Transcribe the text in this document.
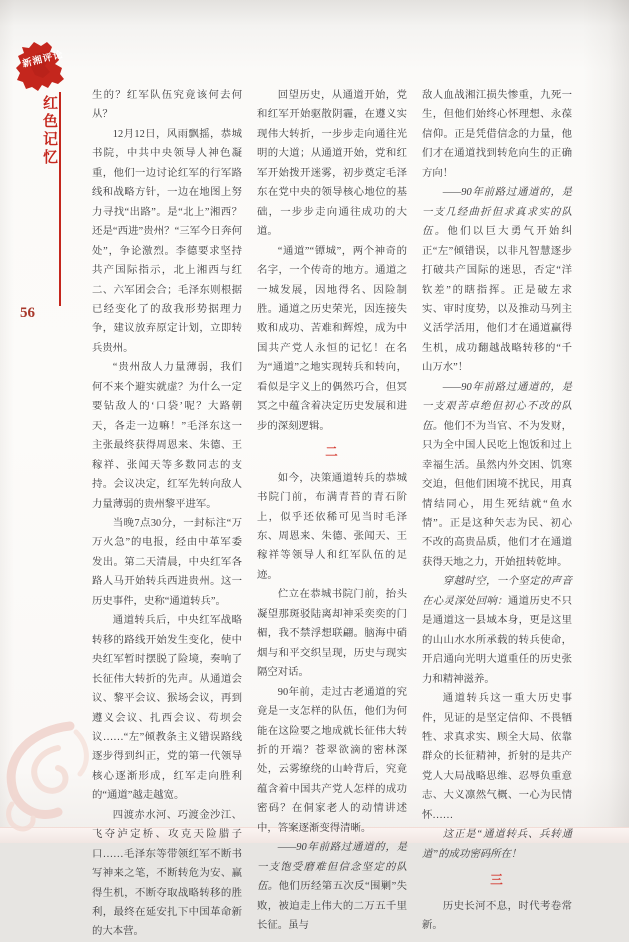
新湘评论
红色记忆
56

生的？红军队伍究竟该何去何从？

12月12日，风雨飘摇，恭城书院，中共中央领导人神色凝重，他们一边讨论红军的行军路线和战略方针，一边在地图上努力寻找“出路”。是“北上”湘西？还是“西进”贵州？“三军今日奔何处”，争论激烈。李德要求坚持共产国际指示，北上湘西与红二、六军团会合；毛泽东则根据已经变化了的敌我形势据理力争，建议放弃原定计划，立即转兵贵州。

“贵州敌人力量薄弱，我们何不来个避实就虚？为什么一定要钻敌人的‘口袋’呢？大路朝天，各走一边嘛！”毛泽东这一主张最终获得周恩来、朱德、王稼祥、张闻天等多数同志的支持。会议决定，红军先转向敌人力量薄弱的贵州黎平进军。

当晚7点30分，一封标注“万万火急”的电报，经由中革军委发出。第二天清晨，中央红军各路人马开始转兵西进贵州。这一历史事件，史称“通道转兵”。

通道转兵后，中央红军战略转移的路线开始发生变化，使中央红军暂时摆脱了险境，奏响了长征伟大转折的先声。从通道会议、黎平会议、猴场会议，再到遵义会议、扎西会议、苟坝会议……“左”倾教条主义错误路线逐步得到纠正，党的第一代领导核心逐渐形成，红军走向胜利的“通道”越走越宽。

四渡赤水河、巧渡金沙江、飞夺泸定桥、攻克天险腊子口……毛泽东等带领红军不断书写神来之笔，不断转危为安、赢得生机，不断夺取战略转移的胜利，最终在延安扎下中国革命新的大本营。

回望历史，从通道开始，党和红军开始驱散阴霾，在遵义实现伟大转折，一步步走向通往光明的大道；从通道开始，党和红军开始拨开迷雾，初步奠定毛泽东在党中央的领导核心地位的基础，一步步走向通往成功的大道。

“通道”“镡城”，两个神奇的名字，一个传奇的地方。通道之一城发展，因地得名、因险制胜。通道之历史荣光，因连接失败和成功、苦难和辉煌，成为中国共产党人永恒的记忆！在名为“通道”之地实现转兵和转向，看似是字义上的偶然巧合，但冥冥之中蕴含着决定历史发展和进步的深刻逻辑。

二

如今，决策通道转兵的恭城书院门前，布满青苔的青石阶上，似乎还依稀可见当时毛泽东、周恩来、朱德、张闻天、王稼祥等领导人和红军队伍的足迹。

伫立在恭城书院门前，抬头凝望那斑驳陆离却神采奕奕的门楣，我不禁浮想联翩。脑海中硝烟与和平交织呈现，历史与现实隔空对话。

90年前，走过古老通道的究竟是一支怎样的队伍，他们为何能在这险要之地成就长征伟大转折的开端？苍翠欲滴的密林深处，云雾缭绕的山岭背后，究竟蕴含着中国共产党人怎样的成功密码？在侗家老人的动情讲述中，答案逐渐变得清晰。

——90年前路过通道的，是一支饱受磨难但信念坚定的队伍。他们历经第五次反“围剿”失败，被迫走上伟大的二万五千里长征。虽与

敌人血战湘江损失惨重，九死一生，但他们始终心怀理想、永葆信仰。正是凭借信念的力量，他们才在通道找到转危向生的正确方向！

——90年前路过通道的，是一支几经曲折但求真求实的队伍。他们以巨大勇气开始纠正“左”倾错误，以非凡智慧逐步打破共产国际的迷思，否定“洋钦差”的瞎指挥。正是破左求实、审时度势，以及推动马列主义活学活用，他们才在通道赢得生机，成功翻越战略转移的“千山万水”！

——90年前路过通道的，是一支艰苦卓绝但初心不改的队伍。他们不为当官、不为发财，只为全中国人民吃上饱饭和过上幸福生活。虽然内外交困、饥寒交迫，但他们困境不扰民，用真情结同心，用生死结就“鱼水情”。正是这种矢志为民、初心不改的高贵品质，他们才在通道获得天地之力，开始扭转乾坤。

穿越时空，一个坚定的声音在心灵深处回响：通道历史不只是通道这一县域本身，更是这里的山山水水所承载的转兵使命，开启通向光明大道重任的历史张力和精神滋养。

通道转兵这一重大历史事件，见证的是坚定信仰、不畏牺牲、求真求实、顾全大局、依靠群众的长征精神，折射的是共产党人大局战略思维、忍辱负重意志、大义凛然气概、一心为民情怀……

这正是“通道转兵、兵转通道”的成功密码所在！

三

历史长河不息，时代考卷常新。
